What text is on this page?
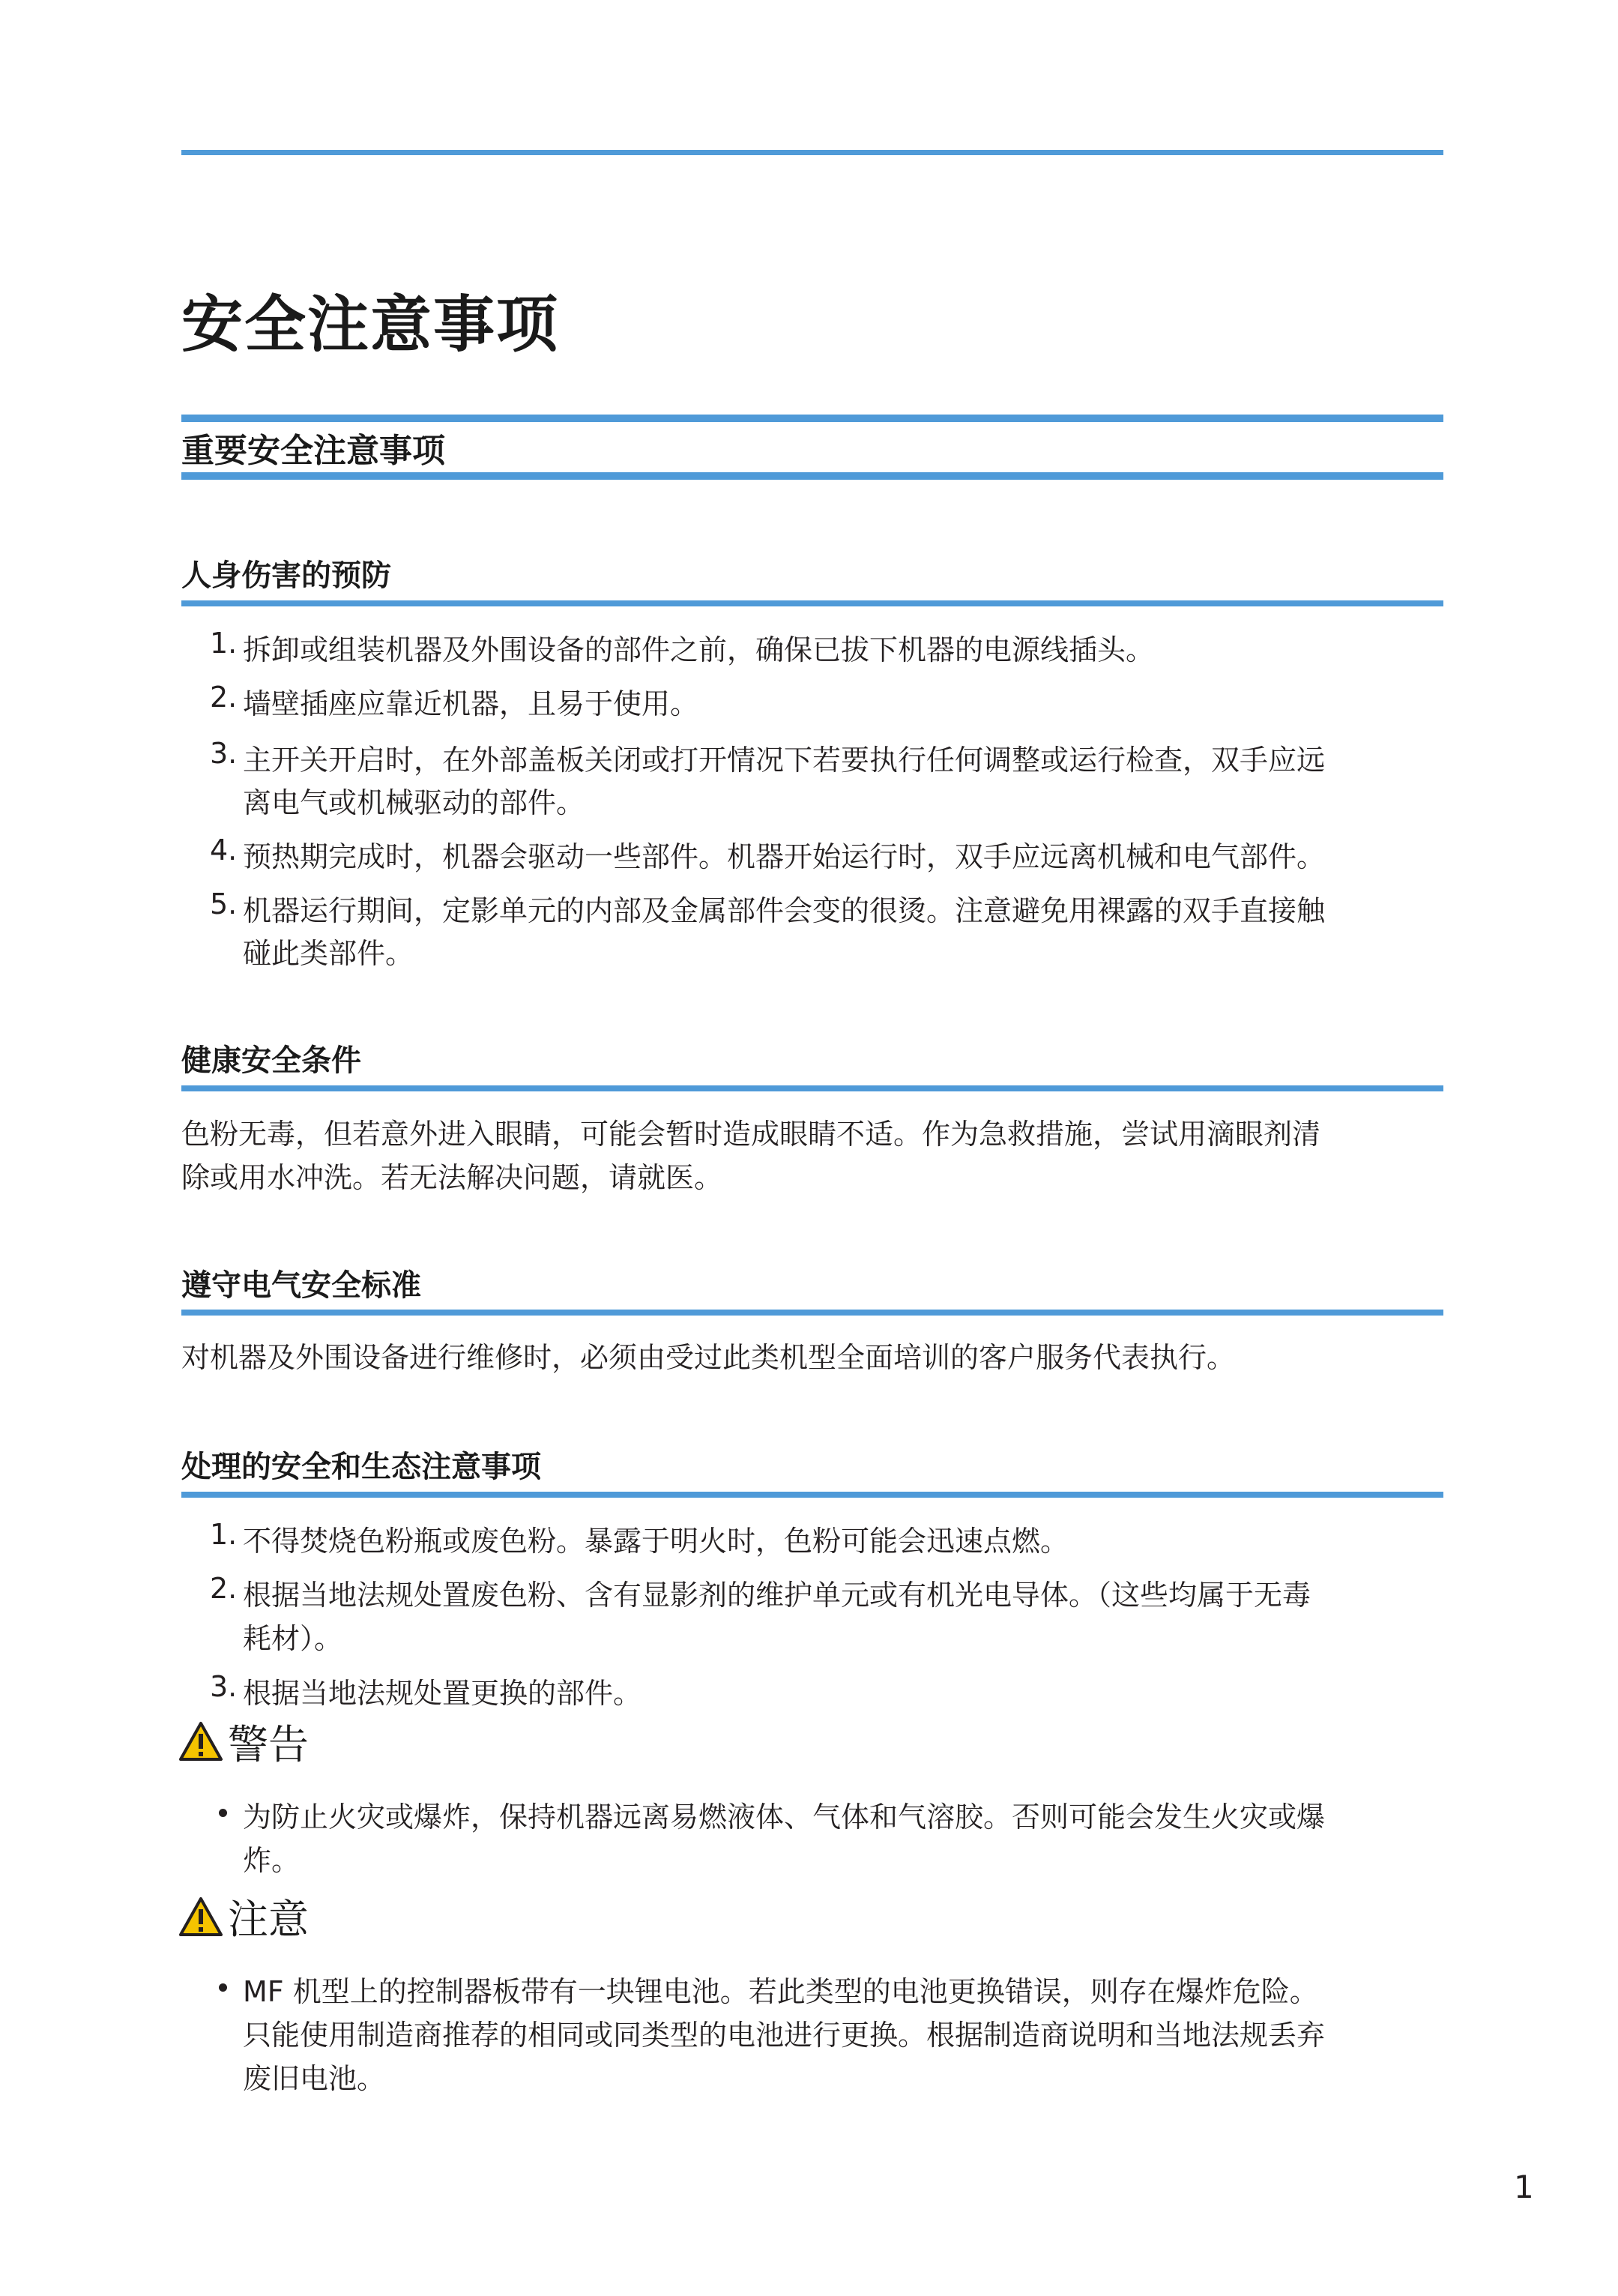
安全注意事项
重要安全注意事项
人身伤害的预防
1. 拆卸或组装机器及外围设备的部件之前，确保已拔下机器的电源线插头。
2. 墙壁插座应靠近机器，且易于使用。
3. 主开关开启时，在外部盖板关闭或打开情况下若要执行任何调整或运行检查，双手应远
离电气或机械驱动的部件。
4. 预热期完成时，机器会驱动一些部件。机器开始运行时，双手应远离机械和电气部件。
5. 机器运行期间，定影单元的内部及金属部件会变的很烫。注意避免用裸露的双手直接触
碰此类部件。
健康安全条件
色粉无毒，但若意外进入眼睛，可能会暂时造成眼睛不适。作为急救措施，尝试用滴眼剂清
除或用水冲洗。若无法解决问题，请就医。
遵守电气安全标准
对机器及外围设备进行维修时，必须由受过此类机型全面培训的客户服务代表执行。
处理的安全和生态注意事项
1. 不得焚烧色粉瓶或废色粉。暴露于明火时，色粉可能会迅速点燃。
2. 根据当地法规处置废色粉、含有显影剂的维护单元或有机光电导体。（这些均属于无毒
耗材）。
3. 根据当地法规处置更换的部件。
警告
为防止火灾或爆炸，保持机器远离易燃液体、气体和气溶胶。否则可能会发生火灾或爆
炸。
注意
MF 机型上的控制器板带有一块锂电池。若此类型的电池更换错误，则存在爆炸危险。
只能使用制造商推荐的相同或同类型的电池进行更换。根据制造商说明和当地法规丢弃
废旧电池。
1
